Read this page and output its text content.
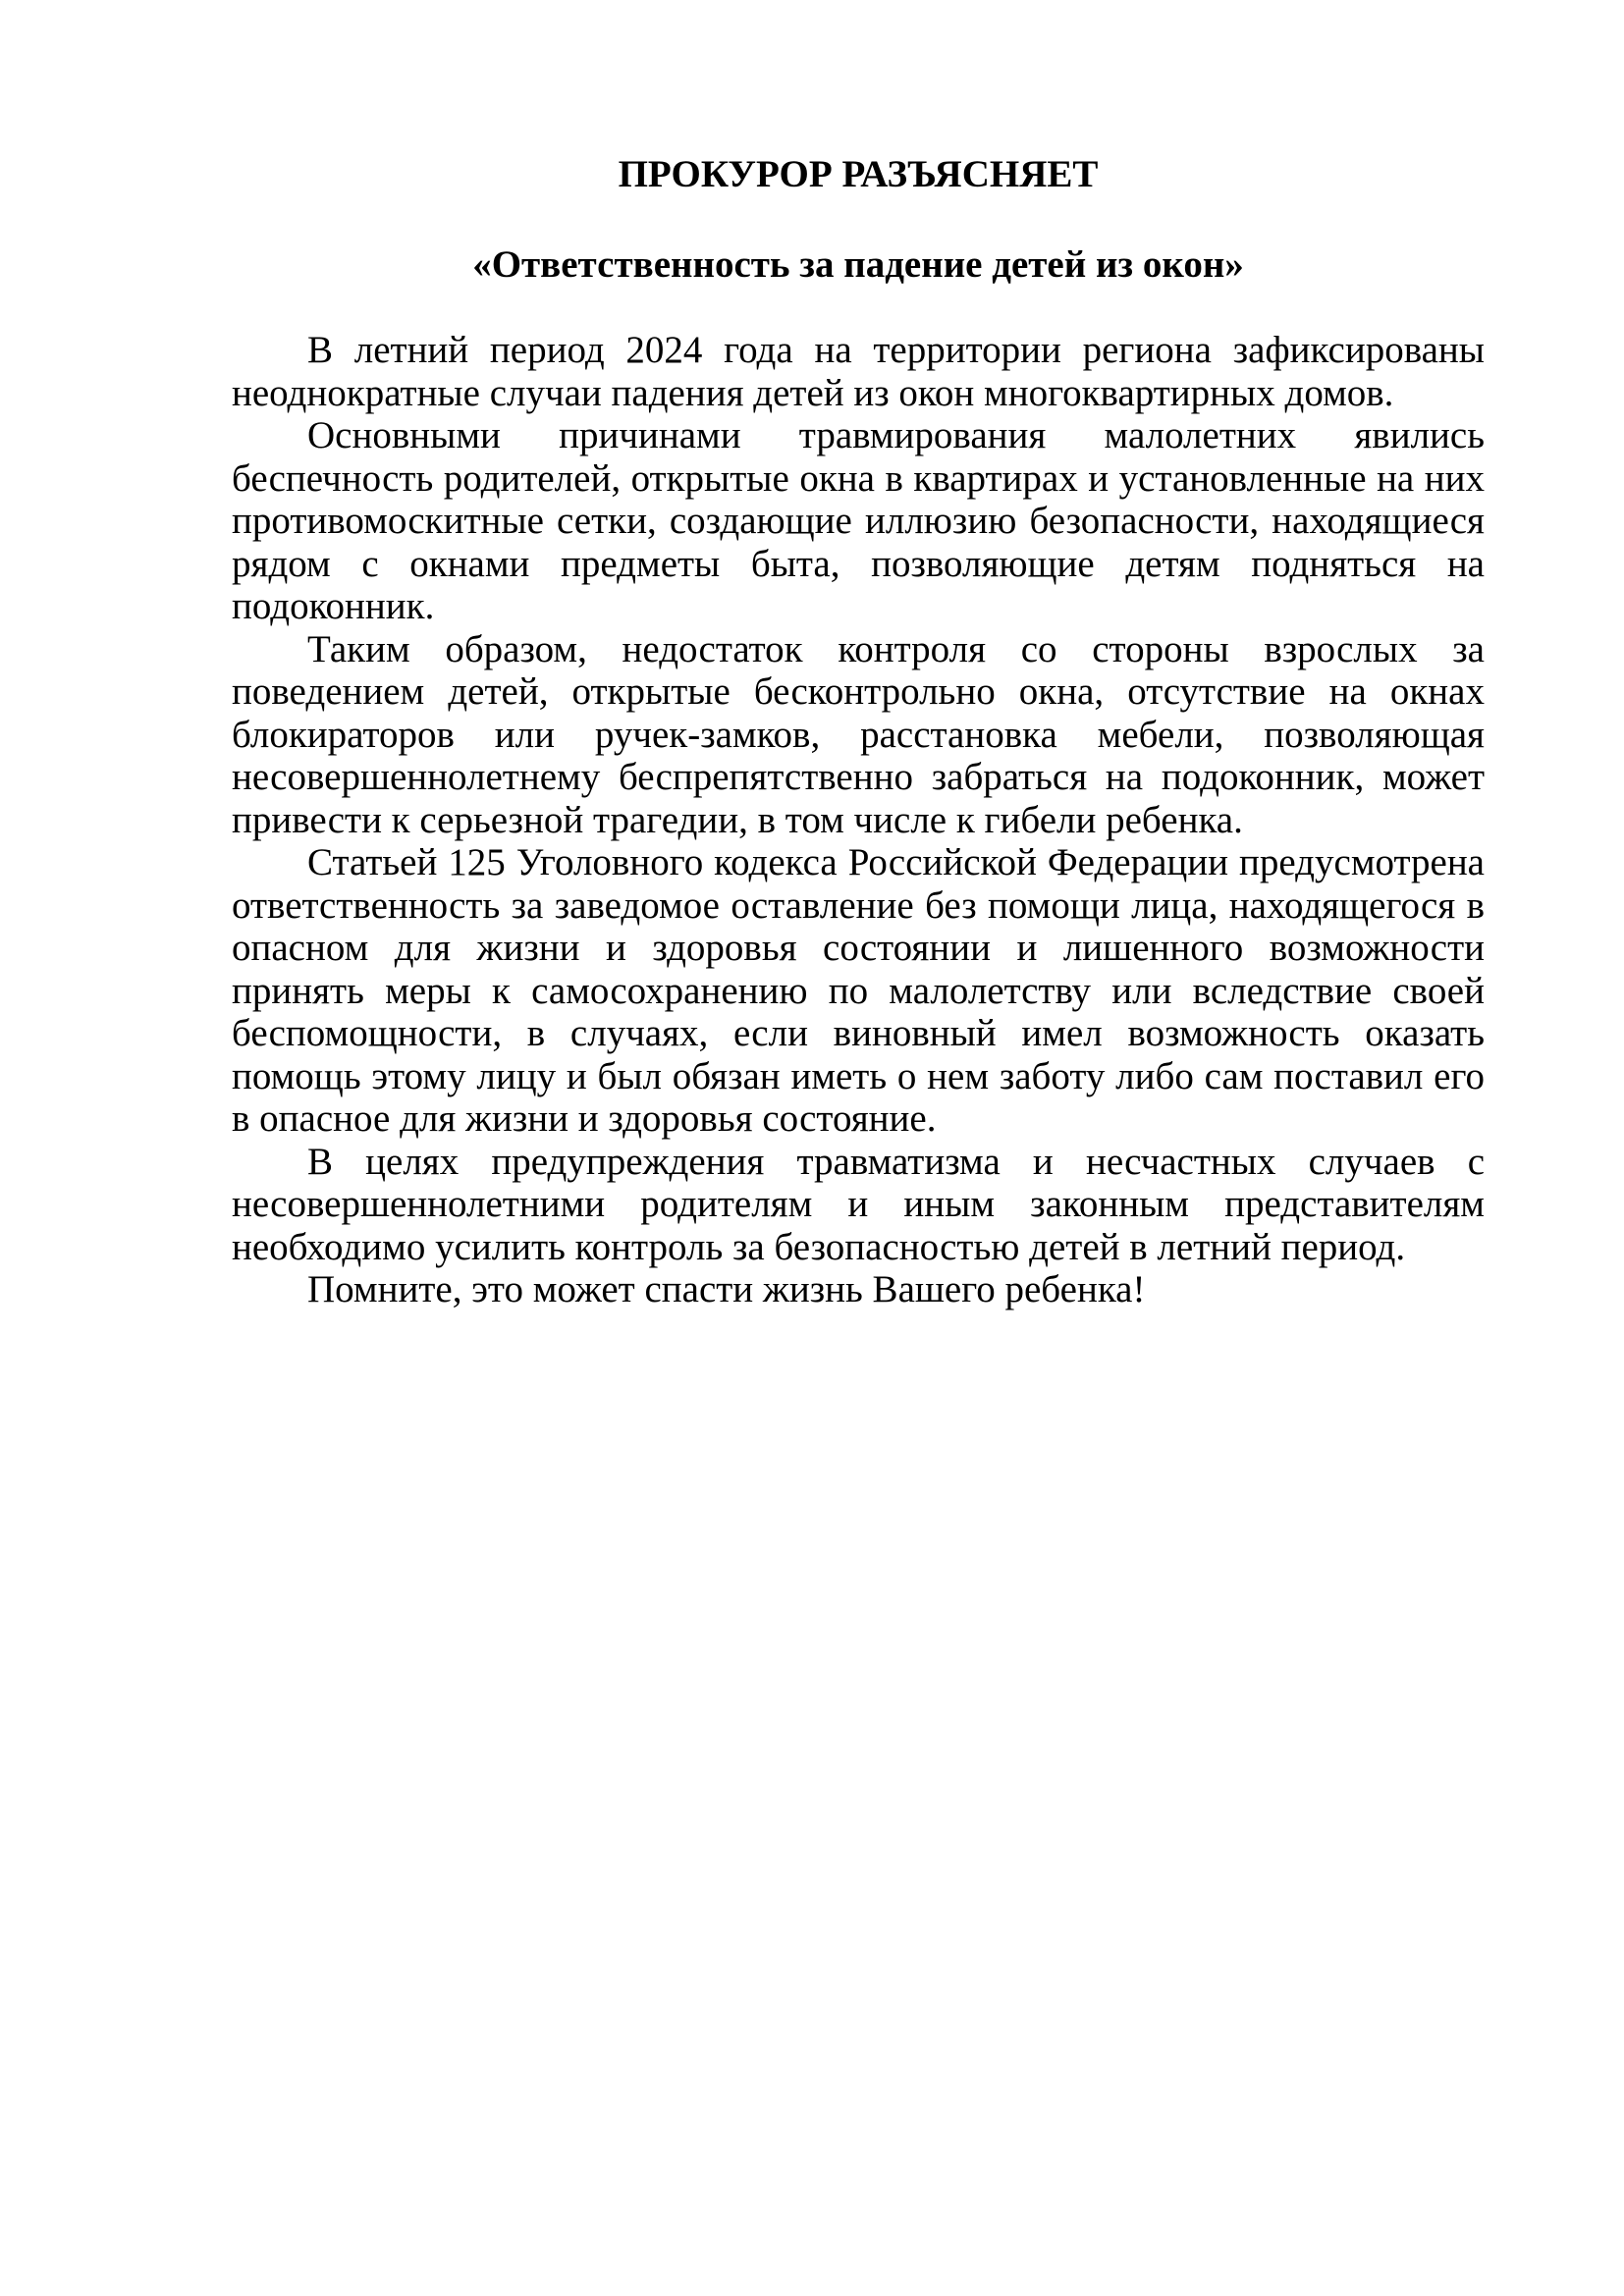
ПРОКУРОР РАЗЪЯСНЯЕТ
«Ответственность за падение детей из окон»

В летний период 2024 года на территории региона зафиксированы неоднократные случаи падения детей из окон многоквартирных домов.

Основными причинами травмирования малолетних явились беспечность родителей, открытые окна в квартирах и установленные на них противомоскитные сетки, создающие иллюзию безопасности, находящиеся рядом с окнами предметы быта, позволяющие детям подняться на подоконник.

Таким образом, недостаток контроля со стороны взрослых за поведением детей, открытые бесконтрольно окна, отсутствие на окнах блокираторов или ручек-замков, расстановка мебели, позволяющая несовершеннолетнему беспрепятственно забраться на подоконник, может привести к серьезной трагедии, в том числе к гибели ребенка.

Статьей 125 Уголовного кодекса Российской Федерации предусмотрена ответственность за заведомое оставление без помощи лица, находящегося в опасном для жизни и здоровья состоянии и лишенного возможности принять меры к самосохранению по малолетству или вследствие своей беспомощности, в случаях, если виновный имел возможность оказать помощь этому лицу и был обязан иметь о нем заботу либо сам поставил его в опасное для жизни и здоровья состояние.

В целях предупреждения травматизма и несчастных случаев с несовершеннолетними родителям и иным законным представителям необходимо усилить контроль за безопасностью детей в летний период.

Помните, это может спасти жизнь Вашего ребенка!
